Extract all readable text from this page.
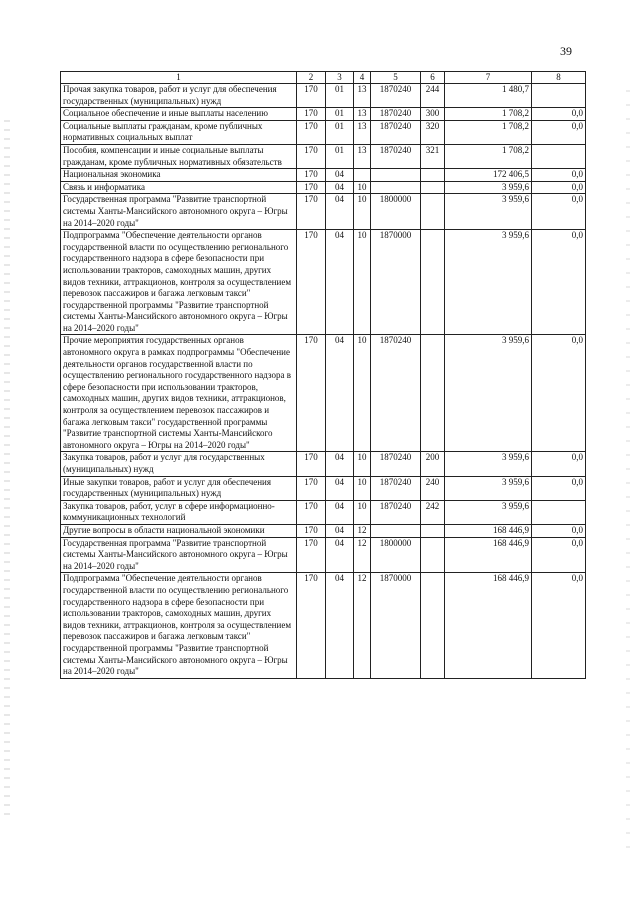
39
1	2	3	4	5	6	7	8
Прочая закупка товаров, работ и услуг для обеспечения государственных (муниципальных) нужд	170	01	13	1870240	244	1 480,7	
Социальное обеспечение и иные выплаты населению	170	01	13	1870240	300	1 708,2	0,0
Социальные выплаты гражданам, кроме публичных нормативных социальных выплат	170	01	13	1870240	320	1 708,2	0,0
Пособия, компенсации и иные социальные выплаты гражданам, кроме публичных нормативных обязательств	170	01	13	1870240	321	1 708,2	
Национальная экономика	170	04				172 406,5	0,0
Связь и информатика	170	04	10			3 959,6	0,0
Государственная программа "Развитие транспортной системы Ханты-Мансийского автономного округа – Югры на 2014–2020 годы"	170	04	10	1800000		3 959,6	0,0
Подпрограмма "Обеспечение деятельности органов государственной власти по осуществлению регионального государственного надзора в сфере безопасности при использовании тракторов, самоходных машин, других видов техники, аттракционов, контроля за осуществлением перевозок пассажиров и багажа легковым такси" государственной программы "Развитие транспортной системы Ханты-Мансийского автономного округа – Югры на 2014–2020 годы"	170	04	10	1870000		3 959,6	0,0
Прочие мероприятия государственных органов автономного округа в рамках подпрограммы "Обеспечение деятельности органов государственной власти по осуществлению регионального государственного надзора в сфере безопасности при использовании тракторов, самоходных машин, других видов техники, аттракционов, контроля за осуществлением перевозок пассажиров и багажа легковым такси" государственной программы "Развитие транспортной системы Ханты-Мансийского автономного округа – Югры на 2014–2020 годы"	170	04	10	1870240		3 959,6	0,0
Закупка товаров, работ и услуг для государственных (муниципальных) нужд	170	04	10	1870240	200	3 959,6	0,0
Иные закупки товаров, работ и услуг для обеспечения государственных (муниципальных) нужд	170	04	10	1870240	240	3 959,6	0,0
Закупка товаров, работ, услуг в сфере информационно-коммуникационных технологий	170	04	10	1870240	242	3 959,6	
Другие вопросы в области национальной экономики	170	04	12			168 446,9	0,0
Государственная программа "Развитие транспортной системы Ханты-Мансийского автономного округа – Югры на 2014–2020 годы"	170	04	12	1800000		168 446,9	0,0
Подпрограмма "Обеспечение деятельности органов государственной власти по осуществлению регионального государственного надзора в сфере безопасности при использовании тракторов, самоходных машин, других видов техники, аттракционов, контроля за осуществлением перевозок пассажиров и багажа легковым такси" государственной программы "Развитие транспортной системы Ханты-Мансийского автономного округа – Югры на 2014–2020 годы"	170	04	12	1870000		168 446,9	0,0
